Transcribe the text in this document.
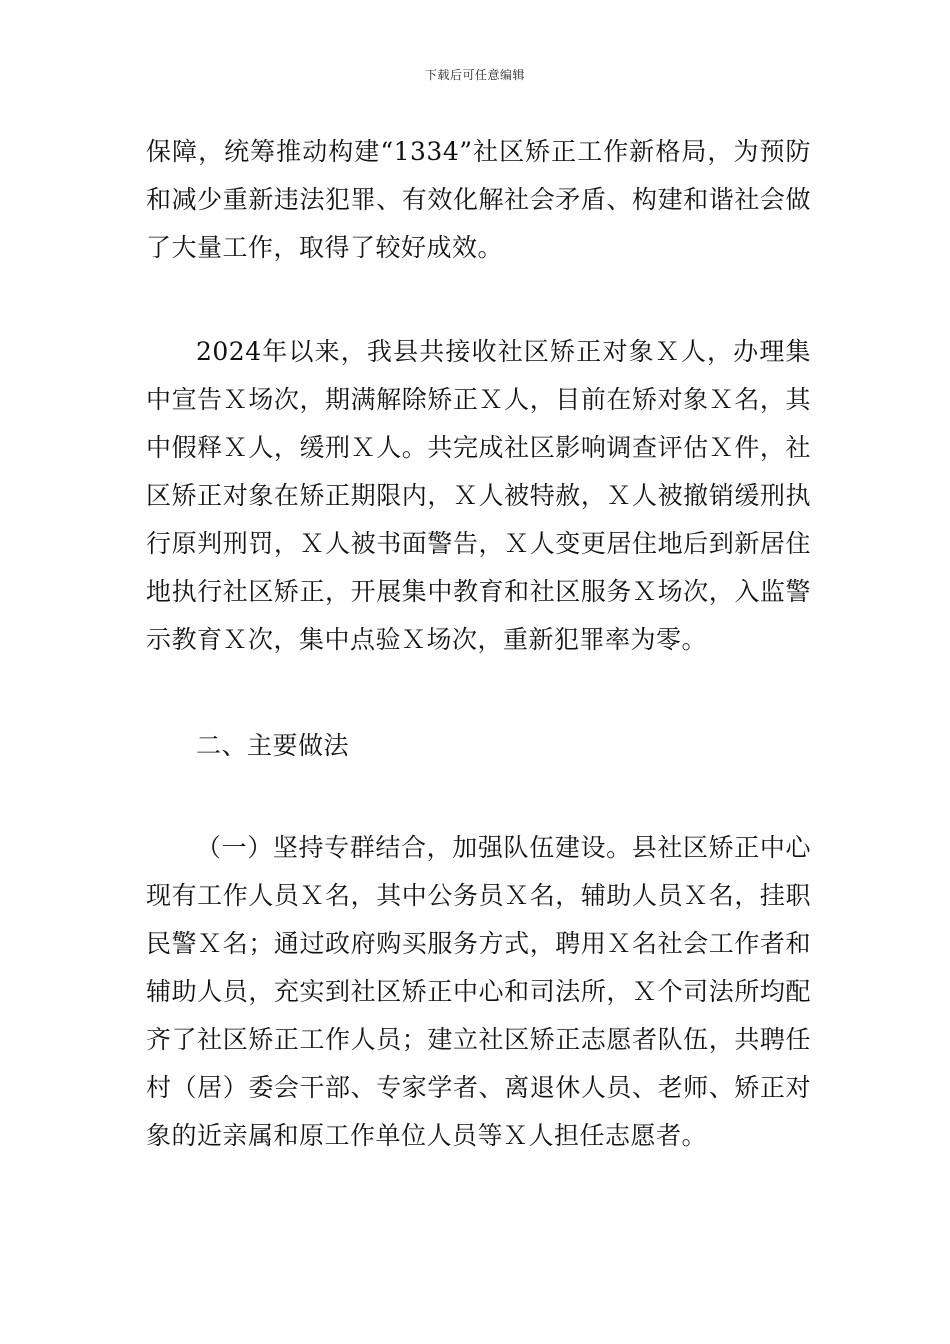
下载后可任意编辑

保障，统筹推动构建“1334”社区矫正工作新格局，为预防和减少重新违法犯罪、有效化解社会矛盾、构建和谐社会做了大量工作，取得了较好成效。

2024年以来，我县共接收社区矫正对象Ｘ人，办理集中宣告Ｘ场次，期满解除矫正Ｘ人，目前在矫对象Ｘ名，其中假释Ｘ人，缓刑Ｘ人。共完成社区影响调查评估Ｘ件，社区矫正对象在矫正期限内，Ｘ人被特赦，Ｘ人被撤销缓刑执行原判刑罚，Ｘ人被书面警告，Ｘ人变更居住地后到新居住地执行社区矫正，开展集中教育和社区服务Ｘ场次，入监警示教育Ｘ次，集中点验Ｘ场次，重新犯罪率为零。

二、主要做法

（一）坚持专群结合，加强队伍建设。县社区矫正中心现有工作人员Ｘ名，其中公务员Ｘ名，辅助人员Ｘ名，挂职民警Ｘ名；通过政府购买服务方式，聘用Ｘ名社会工作者和辅助人员，充实到社区矫正中心和司法所，Ｘ个司法所均配齐了社区矫正工作人员；建立社区矫正志愿者队伍，共聘任村（居）委会干部、专家学者、离退休人员、老师、矫正对象的近亲属和原工作单位人员等Ｘ人担任志愿者。
